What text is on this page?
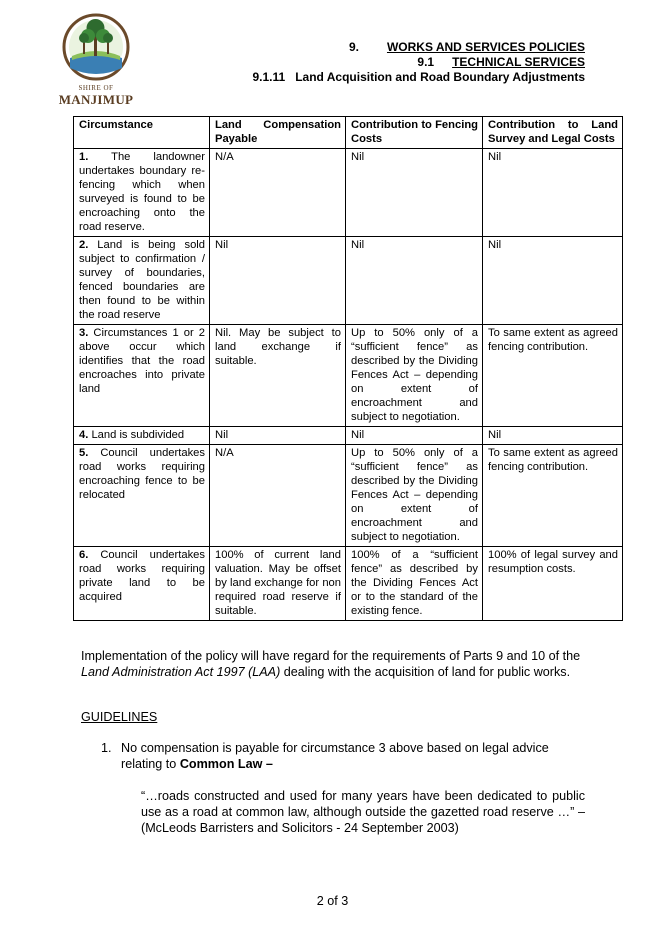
SHIRE OF
MANJIMUP
9. WORKS AND SERVICES POLICIES
9.1 TECHNICAL SERVICES
9.1.11 Land Acquisition and Road Boundary Adjustments
Circumstance	Land Compensation Payable	Contribution to Fencing Costs	Contribution to Land Survey and Legal Costs
1. The landowner undertakes boundary re-fencing which when surveyed is found to be encroaching onto the road reserve.	N/A	Nil	Nil
2. Land is being sold subject to confirmation / survey of boundaries, fenced boundaries are then found to be within the road reserve	Nil	Nil	Nil
3. Circumstances 1 or 2 above occur which identifies that the road encroaches into private land	Nil. May be subject to land exchange if suitable.	Up to 50% only of a “sufficient fence” as described by the Dividing Fences Act – depending on extent of encroachment and subject to negotiation.	To same extent as agreed fencing contribution.
4. Land is subdivided	Nil	Nil	Nil
5. Council undertakes road works requiring encroaching fence to be relocated	N/A	Up to 50% only of a “sufficient fence” as described by the Dividing Fences Act – depending on extent of encroachment and subject to negotiation.	To same extent as agreed fencing contribution.
6. Council undertakes road works requiring private land to be acquired	100% of current land valuation. May be offset by land exchange for non required road reserve if suitable.	100% of a “sufficient fence” as described by the Dividing Fences Act or to the standard of the existing fence.	100% of legal survey and resumption costs.
Implementation of the policy will have regard for the requirements of Parts 9 and 10 of the Land Administration Act 1997 (LAA) dealing with the acquisition of land for public works.
GUIDELINES
1. No compensation is payable for circumstance 3 above based on legal advice relating to Common Law –
“…roads constructed and used for many years have been dedicated to public use as a road at common law, although outside the gazetted road reserve …” – (McLeods Barristers and Solicitors - 24 September 2003)
2 of 3
